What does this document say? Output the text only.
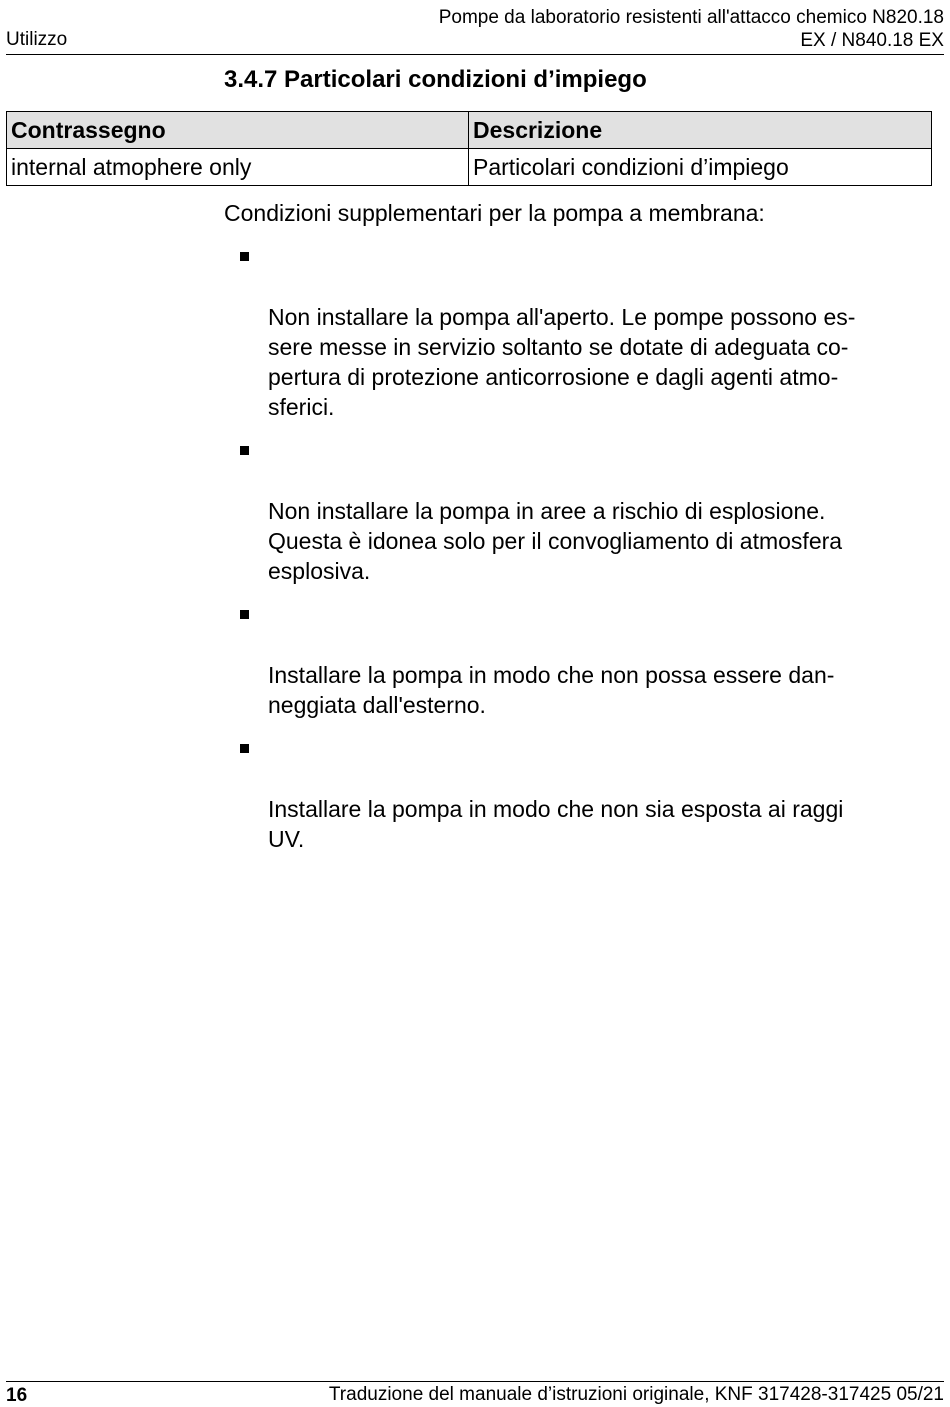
Utilizzo
Pompe da laboratorio resistenti all'attacco chemico N820.18
EX / N840.18 EX
3.4.7 Particolari condizioni d’impiego
Contrassegno	Descrizione
internal atmophere only	Particolari condizioni d’impiego

Condizioni supplementari per la pompa a membrana:

Non installare la pompa all'aperto. Le pompe possono es-
sere messe in servizio soltanto se dotate di adeguata co-
pertura di protezione anticorrosione e dagli agenti atmo-
sferici.

Non installare la pompa in aree a rischio di esplosione.
Questa è idonea solo per il convogliamento di atmosfera
esplosiva.

Installare la pompa in modo che non possa essere dan-
neggiata dall'esterno.

Installare la pompa in modo che non sia esposta ai raggi
UV.

16	Traduzione del manuale d’istruzioni originale, KNF 317428-317425 05/21
